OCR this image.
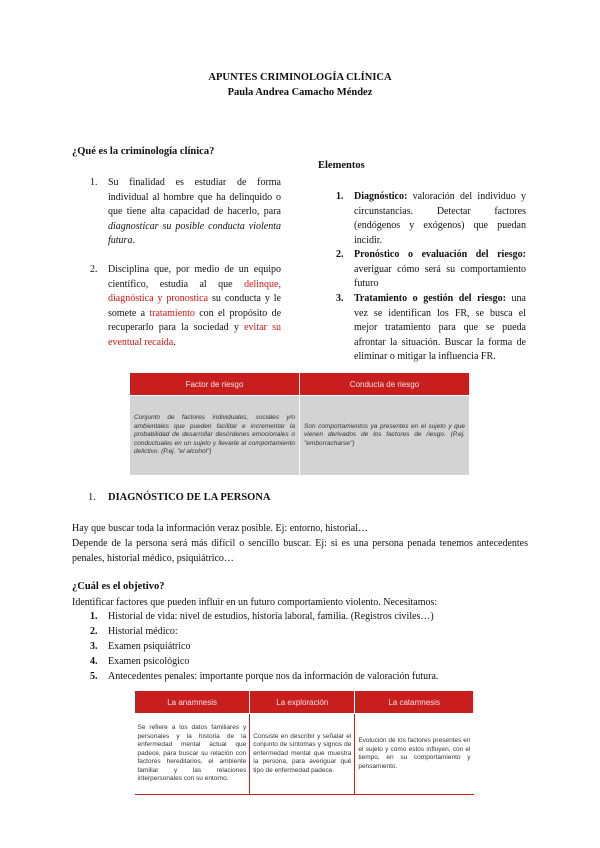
APUNTES CRIMINOLOGÍA CLÍNICA
Paula Andrea Camacho Méndez
¿Qué es la criminología clínica?
1. Su finalidad es estudiar de forma individual al hombre que ha delinquido o que tiene alta capacidad de hacerlo, para diagnosticar su posible conducta violenta futura.
2. Disciplina que, por medio de un equipo científico, estudia al que delinque, diagnóstica y pronostica su conducta y le somete a tratamiento con el propósito de recuperarlo para la sociedad y evitar su eventual recaída.
Elementos
1. Diagnóstico: valoración del individuo y circunstancias. Detectar factores (endógenos y exógenos) que puedan incidir.
2. Pronóstico o evaluación del riesgo: averiguar cómo será su comportamiento futuro
3. Tratamiento o gestión del riesgo: una vez se identifican los FR, se busca el mejor tratamiento para que se pueda afrontar la situación. Buscar la forma de eliminar o mitigar la influencia FR.
Factor de riesgo	Conducta de riesgo
Conjunto de factores individuales, sociales y/o ambientales que pueden facilitar e incrementar la probabilidad de desarrollar desórdenes emocionales o conductuales en un sujeto y llevarle al comportamiento delictivo. (P.ej. "el alcohol")	Son comportamientos ya presentes en el sujeto y que vienen derivados de los factores de riesgo. (P.ej. "emborracharse")
1. DIAGNÓSTICO DE LA PERSONA
Hay que buscar toda la información veraz posible. Ej: entorno, historial…
Depende de la persona será más difícil o sencillo buscar. Ej: si es una persona penada tenemos antecedentes penales, historial médico, psiquiátrico…
¿Cuál es el objetivo?
Identificar factores que pueden influir en un futuro comportamiento violento. Necesitamos:
1. Historial de vida: nivel de estudios, historia laboral, familia. (Registros civiles…)
2. Historial médico:
3. Examen psiquiátrico
4. Examen psicológico
5. Antecedentes penales: importante porque nos da información de valoración futura.
La anamnesis	La exploración	La catamnesis
Se refiere a los datos familiares y personales y la historia de la enfermedad mental actual que padece, para buscar su relación con factores hereditarios, el ambiente familiar y las relaciones interpersonales con su entorno.	Consiste en describir y señalar el conjunto de síntomas y signos de enfermedad mental que muestra la persona, para averiguar qué tipo de enfermedad padece.	Evolución de los factores presentes en el sujeto y cómo estos influyen, con el tiempo, en su comportamiento y pensamiento.
